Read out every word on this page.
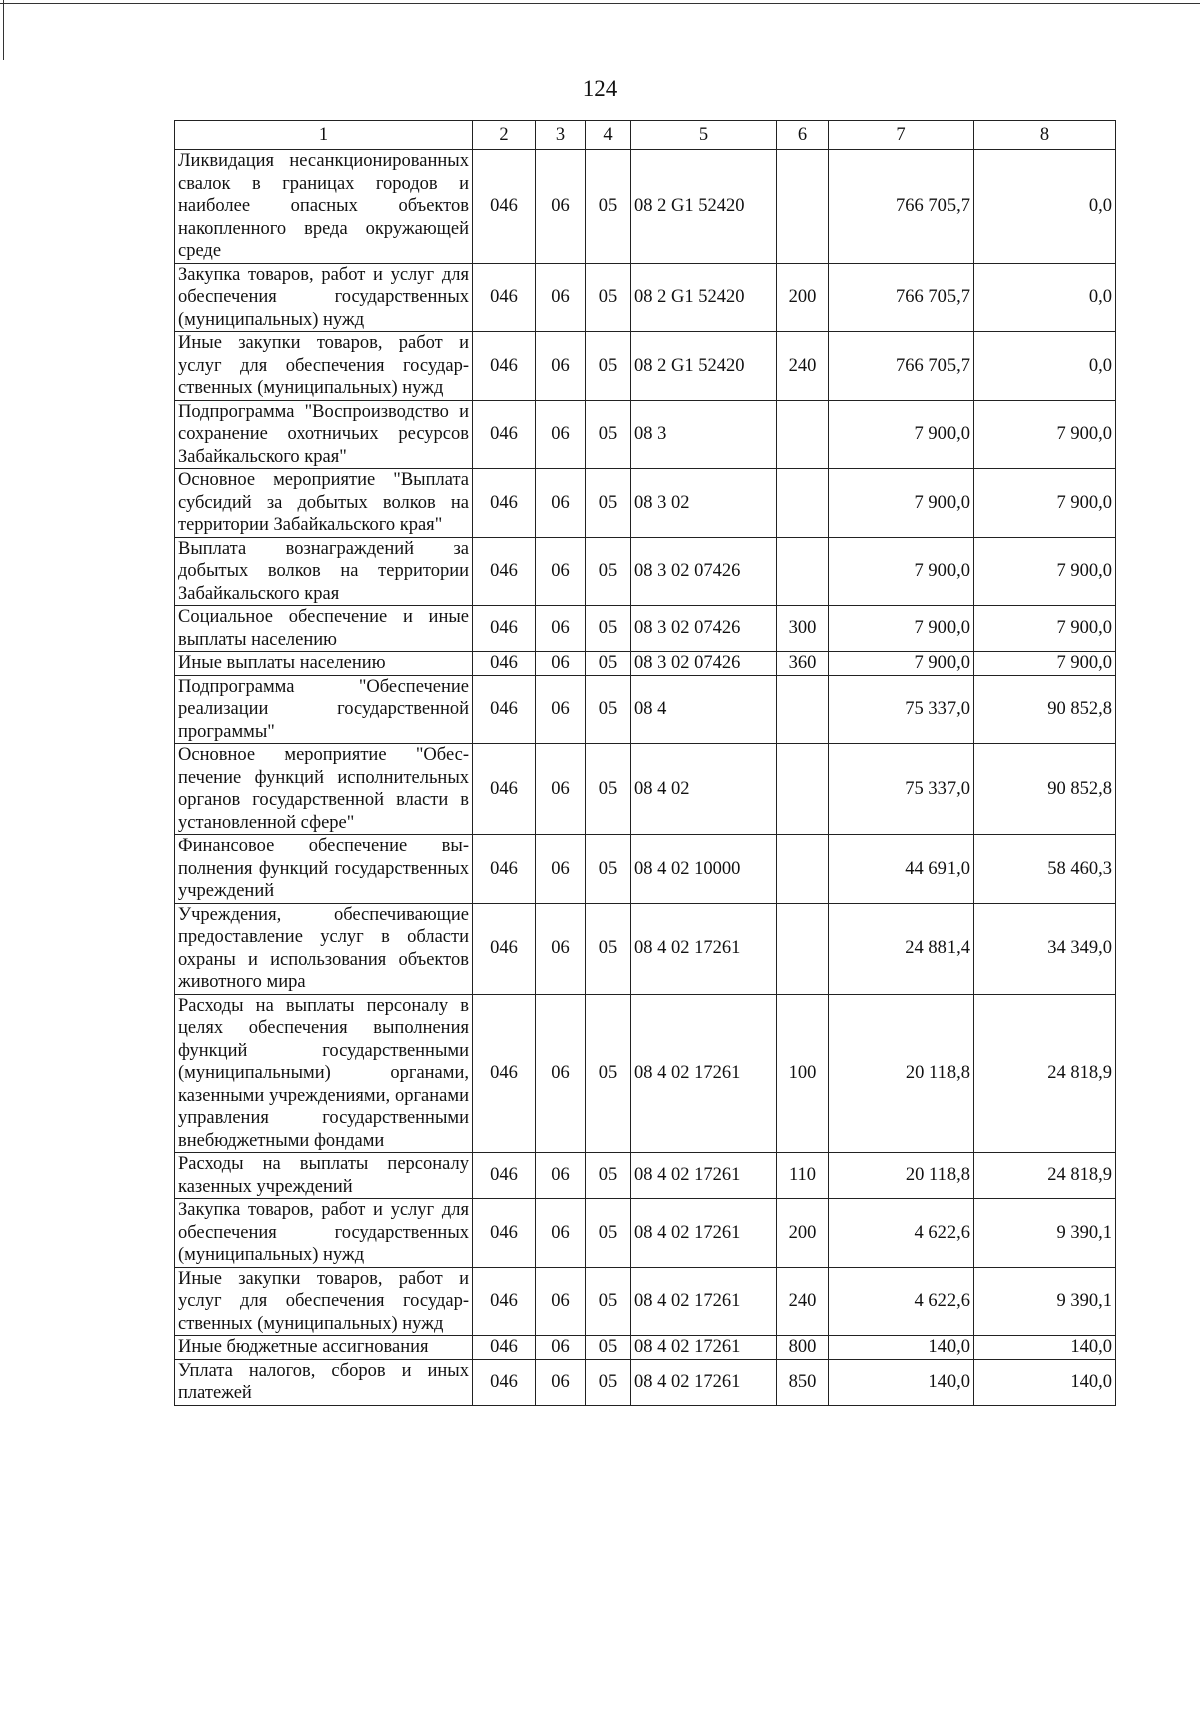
124
1	2	3	4	5	6	7	8
Ликвидация несанкционированных свалок в границах городов и наиболее опасных объектов накопленного вреда окружающей среде	046	06	05	08 2 G1 52420		766 705,7	0,0
Закупка товаров, работ и услуг для обеспечения государственных (муниципальных) нужд	046	06	05	08 2 G1 52420	200	766 705,7	0,0
Иные закупки товаров, работ и услуг для обеспечения государственных (муниципальных) нужд	046	06	05	08 2 G1 52420	240	766 705,7	0,0
Подпрограмма "Воспроизводство и сохранение охотничьих ресурсов Забайкальского края"	046	06	05	08 3		7 900,0	7 900,0
Основное мероприятие "Выплата субсидий за добытых волков на территории Забайкальского края"	046	06	05	08 3 02		7 900,0	7 900,0
Выплата вознаграждений за добытых волков на территории Забайкальского края	046	06	05	08 3 02 07426		7 900,0	7 900,0
Социальное обеспечение и иные выплаты населению	046	06	05	08 3 02 07426	300	7 900,0	7 900,0
Иные выплаты населению	046	06	05	08 3 02 07426	360	7 900,0	7 900,0
Подпрограмма "Обеспечение реализации государственной программы"	046	06	05	08 4		75 337,0	90 852,8
Основное мероприятие "Обеспечение функций исполнительных органов государственной власти в установленной сфере"	046	06	05	08 4 02		75 337,0	90 852,8
Финансовое обеспечение выполнения функций государственных учреждений	046	06	05	08 4 02 10000		44 691,0	58 460,3
Учреждения, обеспечивающие предоставление услуг в области охраны и использования объектов животного мира	046	06	05	08 4 02 17261		24 881,4	34 349,0
Расходы на выплаты персоналу в целях обеспечения выполнения функций государственными (муниципальными) органами, казенными учреждениями, органами управления государственными внебюджетными фондами	046	06	05	08 4 02 17261	100	20 118,8	24 818,9
Расходы на выплаты персоналу казенных учреждений	046	06	05	08 4 02 17261	110	20 118,8	24 818,9
Закупка товаров, работ и услуг для обеспечения государственных (муниципальных) нужд	046	06	05	08 4 02 17261	200	4 622,6	9 390,1
Иные закупки товаров, работ и услуг для обеспечения государственных (муниципальных) нужд	046	06	05	08 4 02 17261	240	4 622,6	9 390,1
Иные бюджетные ассигнования	046	06	05	08 4 02 17261	800	140,0	140,0
Уплата налогов, сборов и иных платежей	046	06	05	08 4 02 17261	850	140,0	140,0
